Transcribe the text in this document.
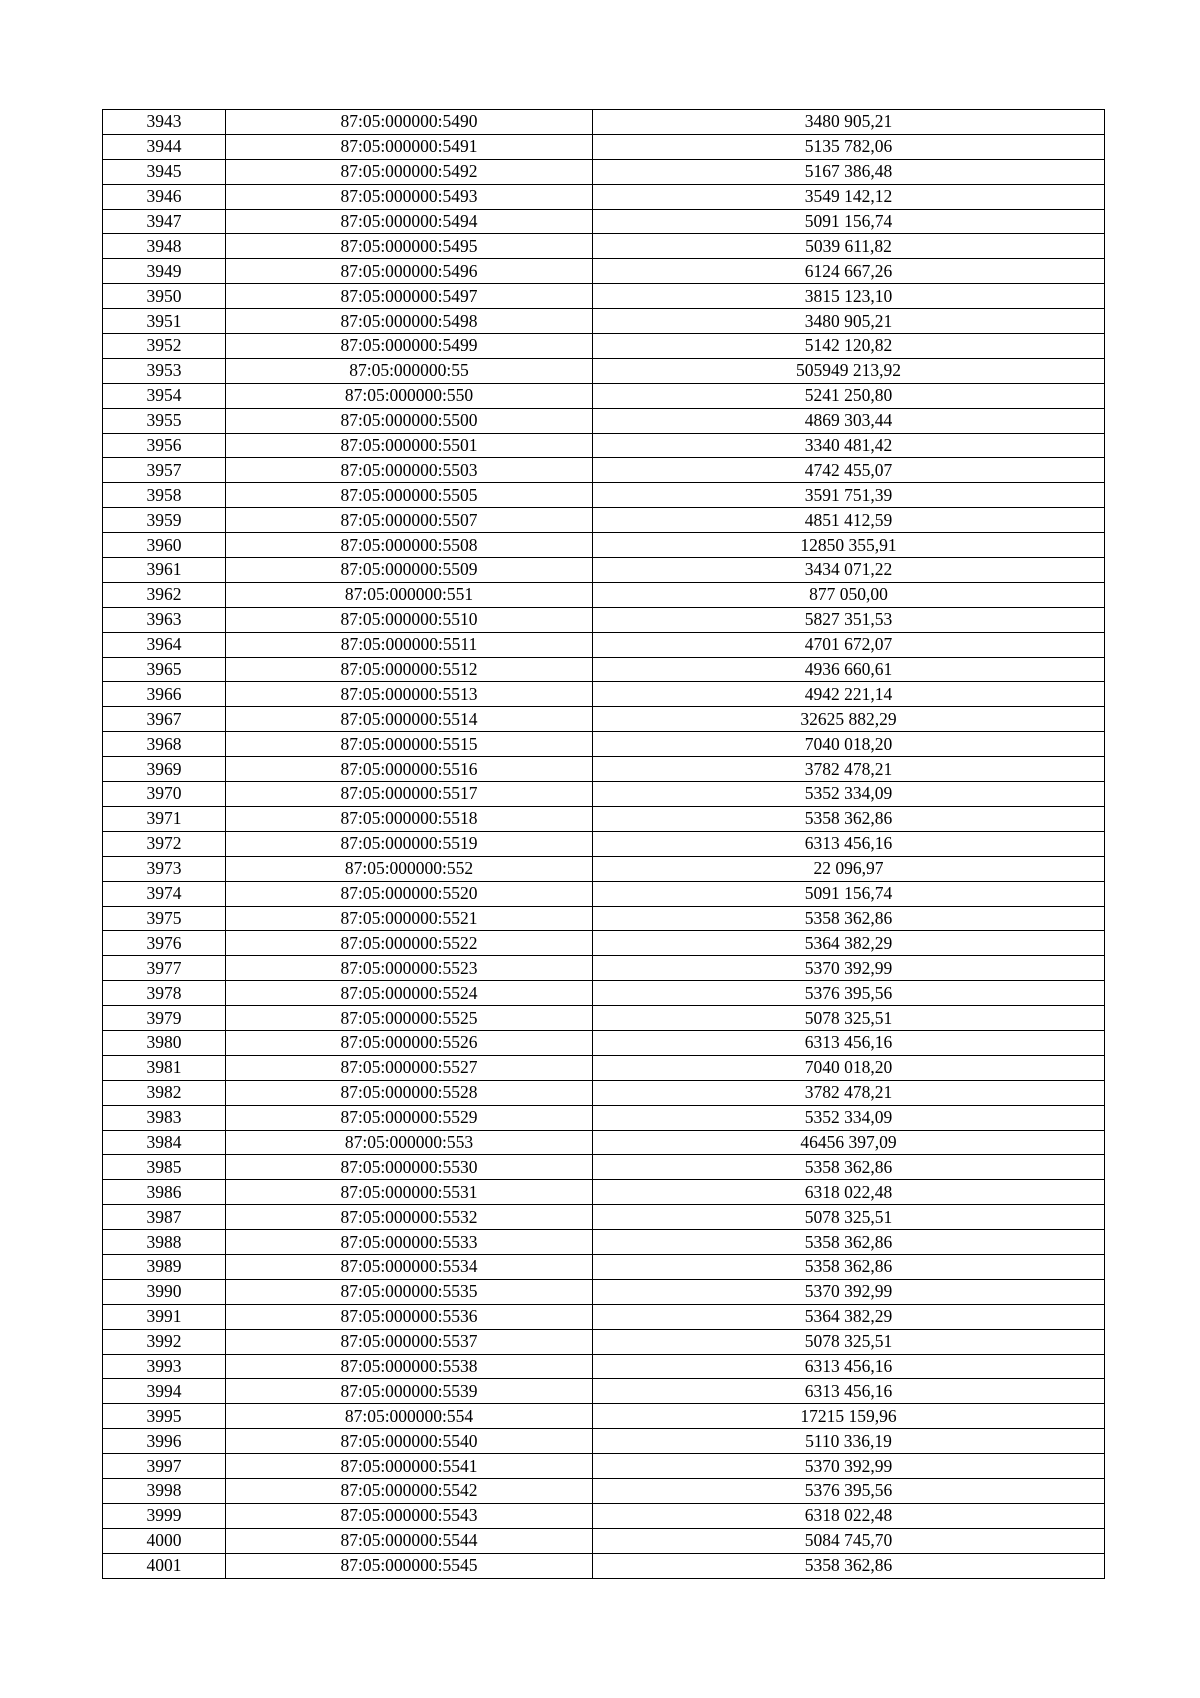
3943	87:05:000000:5490	3480 905,21
3944	87:05:000000:5491	5135 782,06
3945	87:05:000000:5492	5167 386,48
3946	87:05:000000:5493	3549 142,12
3947	87:05:000000:5494	5091 156,74
3948	87:05:000000:5495	5039 611,82
3949	87:05:000000:5496	6124 667,26
3950	87:05:000000:5497	3815 123,10
3951	87:05:000000:5498	3480 905,21
3952	87:05:000000:5499	5142 120,82
3953	87:05:000000:55	505949 213,92
3954	87:05:000000:550	5241 250,80
3955	87:05:000000:5500	4869 303,44
3956	87:05:000000:5501	3340 481,42
3957	87:05:000000:5503	4742 455,07
3958	87:05:000000:5505	3591 751,39
3959	87:05:000000:5507	4851 412,59
3960	87:05:000000:5508	12850 355,91
3961	87:05:000000:5509	3434 071,22
3962	87:05:000000:551	877 050,00
3963	87:05:000000:5510	5827 351,53
3964	87:05:000000:5511	4701 672,07
3965	87:05:000000:5512	4936 660,61
3966	87:05:000000:5513	4942 221,14
3967	87:05:000000:5514	32625 882,29
3968	87:05:000000:5515	7040 018,20
3969	87:05:000000:5516	3782 478,21
3970	87:05:000000:5517	5352 334,09
3971	87:05:000000:5518	5358 362,86
3972	87:05:000000:5519	6313 456,16
3973	87:05:000000:552	22 096,97
3974	87:05:000000:5520	5091 156,74
3975	87:05:000000:5521	5358 362,86
3976	87:05:000000:5522	5364 382,29
3977	87:05:000000:5523	5370 392,99
3978	87:05:000000:5524	5376 395,56
3979	87:05:000000:5525	5078 325,51
3980	87:05:000000:5526	6313 456,16
3981	87:05:000000:5527	7040 018,20
3982	87:05:000000:5528	3782 478,21
3983	87:05:000000:5529	5352 334,09
3984	87:05:000000:553	46456 397,09
3985	87:05:000000:5530	5358 362,86
3986	87:05:000000:5531	6318 022,48
3987	87:05:000000:5532	5078 325,51
3988	87:05:000000:5533	5358 362,86
3989	87:05:000000:5534	5358 362,86
3990	87:05:000000:5535	5370 392,99
3991	87:05:000000:5536	5364 382,29
3992	87:05:000000:5537	5078 325,51
3993	87:05:000000:5538	6313 456,16
3994	87:05:000000:5539	6313 456,16
3995	87:05:000000:554	17215 159,96
3996	87:05:000000:5540	5110 336,19
3997	87:05:000000:5541	5370 392,99
3998	87:05:000000:5542	5376 395,56
3999	87:05:000000:5543	6318 022,48
4000	87:05:000000:5544	5084 745,70
4001	87:05:000000:5545	5358 362,86
